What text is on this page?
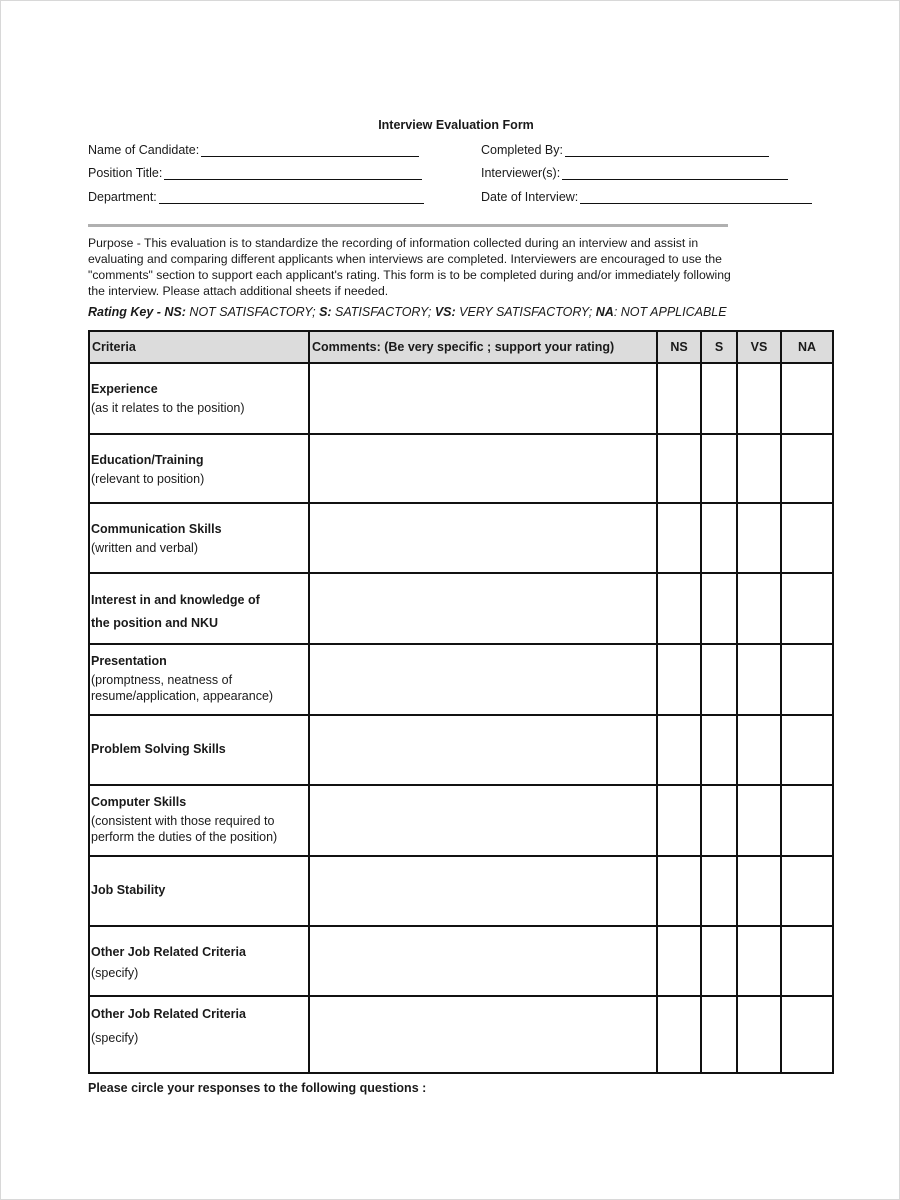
Interview Evaluation Form
Name of Candidate:
Position Title:
Department:
Completed By:
Interviewer(s):
Date of Interview:

Purpose - This evaluation is to standardize the recording of information collected during an interview and assist in

evaluating and comparing different applicants when interviews are completed. Interviewers are encouraged to use the

"comments" section to support each applicant's rating. This form is to be completed during and/or immediately following

the interview. Please attach additional sheets if needed.

Rating Key - NS: NOT SATISFACTORY; S: SATISFACTORY; VS: VERY SATISFACTORY; NA: NOT APPLICABLE
Criteria	Comments: (Be very specific ; support your rating)	NS	S	VS	NA

Experience
(as it relates to the position)					

Education/Training
(relevant to position)					

Communication Skills
(written and verbal)					

Interest in and knowledge of
the position and NKU					

Presentation
(promptness, neatness of
resume/application, appearance)					

Problem Solving Skills					

Computer Skills
(consistent with those required to
perform the duties of the position)					

Job Stability					

Other Job Related Criteria
(specify)					

Other Job Related Criteria
(specify)					

Please circle your responses to the following questions :
